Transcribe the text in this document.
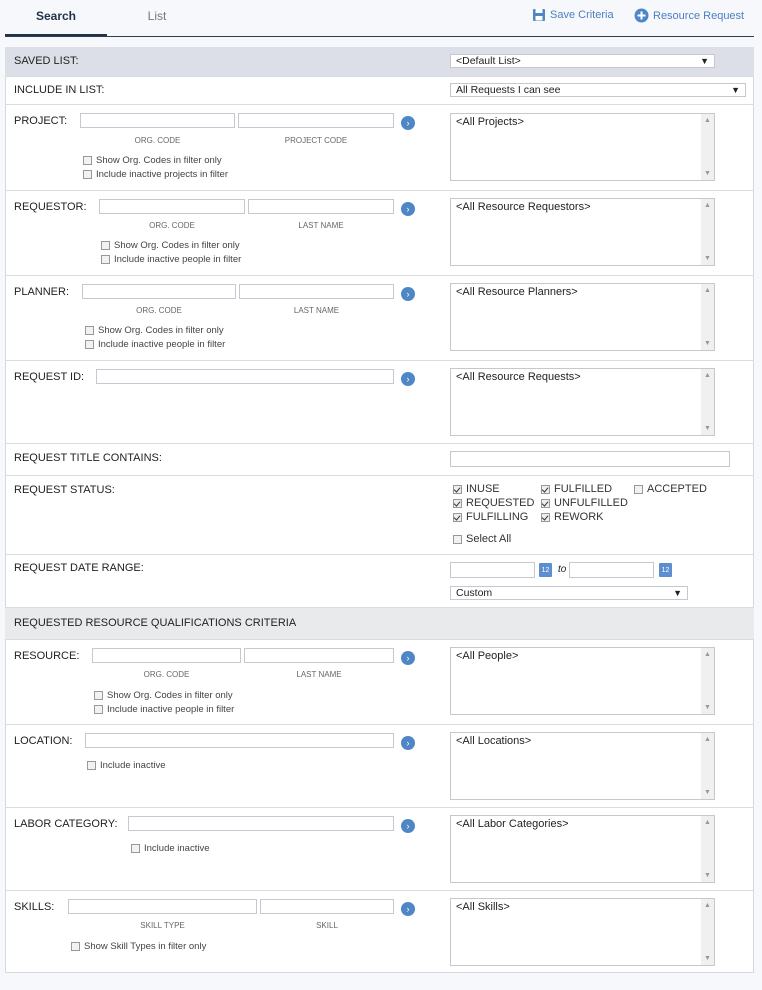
Search	List	Save Criteria	Resource Request
SAVED LIST:	<Default List>	▼
INCLUDE IN LIST:	All Requests I can see	▼
PROJECT:
ORG. CODE	PROJECT CODE
›
Show Org. Codes in filter only
Include inactive projects in filter
<All Projects>	▲
▼
REQUESTOR:
ORG. CODE	LAST NAME
›
Show Org. Codes in filter only
Include inactive people in filter
<All Resource Requestors>	▲
▼
PLANNER:
ORG. CODE	LAST NAME
›
Show Org. Codes in filter only
Include inactive people in filter
<All Resource Planners>	▲
▼
REQUEST ID:	›	<All Resource Requests>	▲
▼
REQUEST TITLE CONTAINS:
REQUEST STATUS:	INUSE	FULFILLED	ACCEPTED
REQUESTED UNFULFILLED
FULFILLING REWORK
Select All
REQUEST DATE RANGE:	12 to	12
Custom	▼
REQUESTED RESOURCE QUALIFICATIONS CRITERIA
RESOURCE:
ORG. CODE	LAST NAME
›
Show Org. Codes in filter only
Include inactive people in filter
<All People>	▲
▼
LOCATION:	›
Include inactive
<All Locations>	▲
▼
LABOR CATEGORY:	›
Include inactive
<All Labor Categories>	▲
▼
SKILLS:
SKILL TYPE	SKILL
›
Show Skill Types in filter only
<All Skills>	▲
▼
